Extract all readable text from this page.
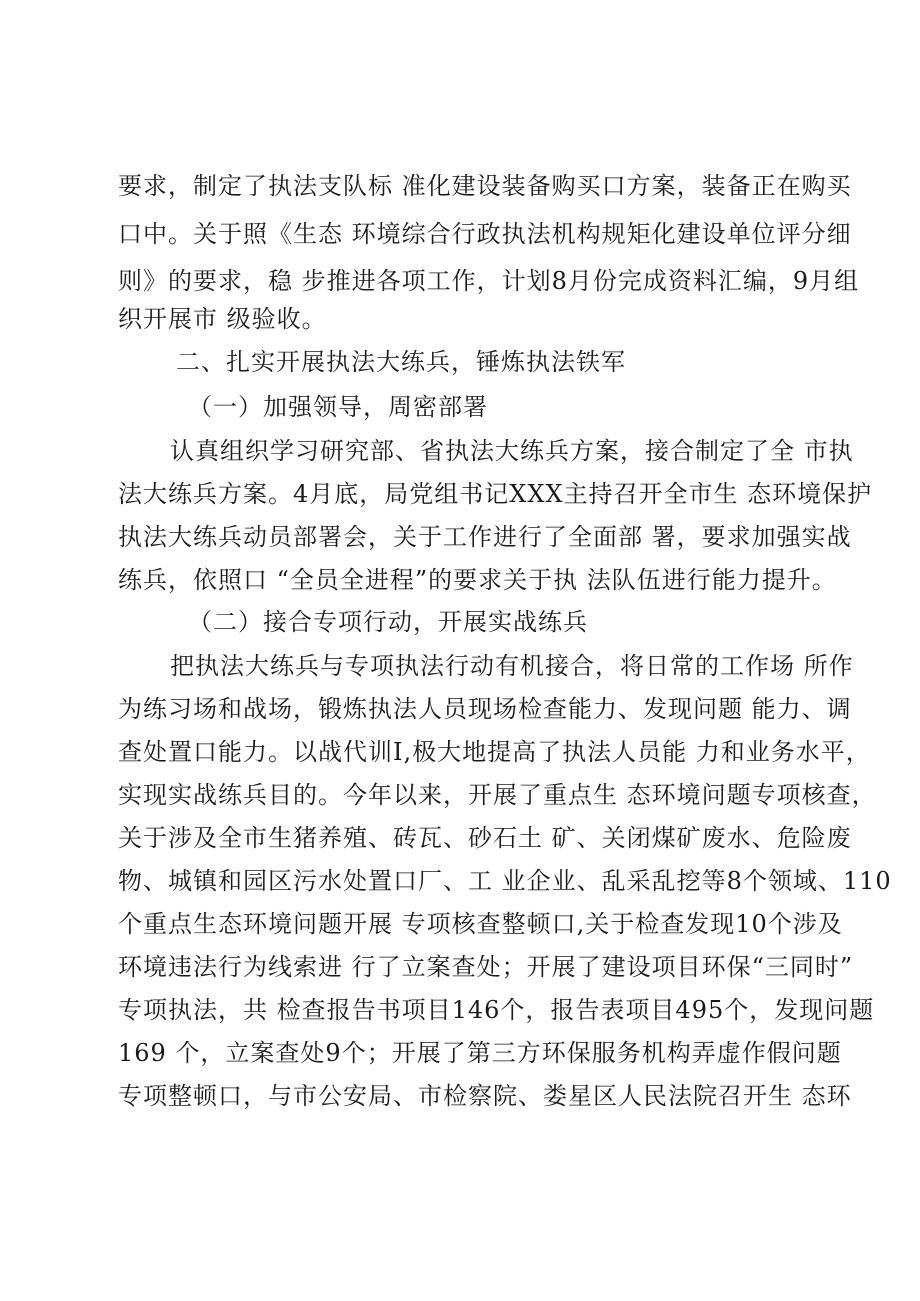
要求，制定了执法支队标 准化建设装备购买口方案，装备正在购买
口中。关于照《生态 环境综合行政执法机构规矩化建设单位评分细
则》的要求，稳 步推进各项工作，计划8月份完成资料汇编，9月组
织开展市 级验收。
二、扎实开展执法大练兵，锤炼执法铁军
（一）加强领导，周密部署
认真组织学习研究部、省执法大练兵方案，接合制定了全 市执
法大练兵方案。4月底，局党组书记XXX主持召开全市生 态环境保护
执法大练兵动员部署会，关于工作进行了全面部 署，要求加强实战
练兵，依照口 “全员全进程”的要求关于执 法队伍进行能力提升。
（二）接合专项行动，开展实战练兵
把执法大练兵与专项执法行动有机接合，将日常的工作场 所作
为练习场和战场，锻炼执法人员现场检查能力、发现问题 能力、调
查处置口能力。以战代训I,极大地提高了执法人员能 力和业务水平，
实现实战练兵目的。今年以来，开展了重点生 态环境问题专项核查，
关于涉及全市生猪养殖、砖瓦、砂石土 矿、关闭煤矿废水、危险废
物、城镇和园区污水处置口厂、工 业企业、乱采乱挖等8个领域、110
个重点生态环境问题开展 专项核查整顿口,关于检查发现10个涉及
环境违法行为线索进 行了立案查处；开展了建设项目环保“三同时”
专项执法，共 检查报告书项目146个，报告表项目495个，发现问题
169 个，立案查处9个；开展了第三方环保服务机构弄虚作假问题
专项整顿口，与市公安局、市检察院、娄星区人民法院召开生 态环
